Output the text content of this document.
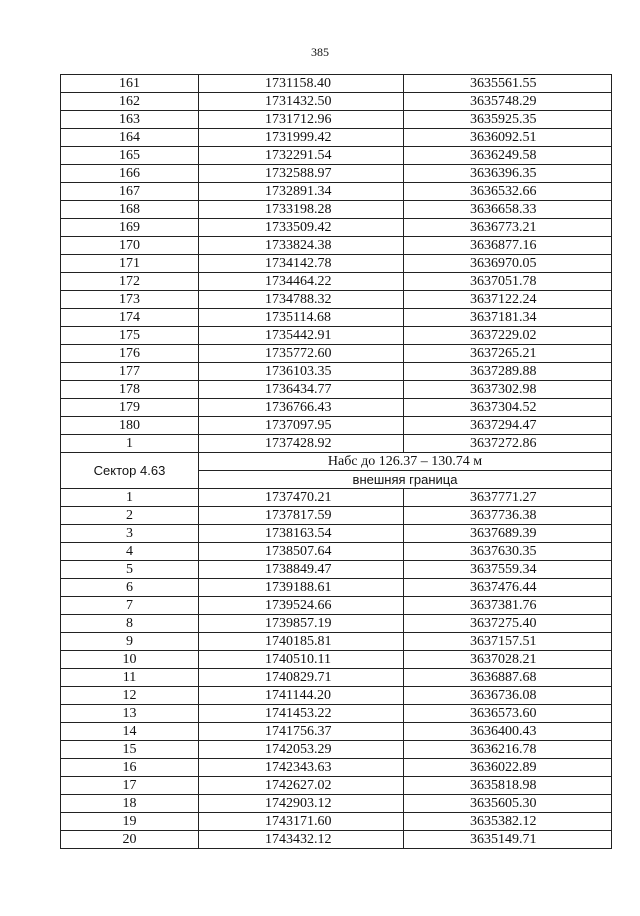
385
161	1731158.40	3635561.55
162	1731432.50	3635748.29
163	1731712.96	3635925.35
164	1731999.42	3636092.51
165	1732291.54	3636249.58
166	1732588.97	3636396.35
167	1732891.34	3636532.66
168	1733198.28	3636658.33
169	1733509.42	3636773.21
170	1733824.38	3636877.16
171	1734142.78	3636970.05
172	1734464.22	3637051.78
173	1734788.32	3637122.24
174	1735114.68	3637181.34
175	1735442.91	3637229.02
176	1735772.60	3637265.21
177	1736103.35	3637289.88
178	1736434.77	3637302.98
179	1736766.43	3637304.52
180	1737097.95	3637294.47
1	1737428.92	3637272.86
Сектор 4.63	Набс до 126.37 – 130.74 м	
	внешняя граница	
1	1737470.21	3637771.27
2	1737817.59	3637736.38
3	1738163.54	3637689.39
4	1738507.64	3637630.35
5	1738849.47	3637559.34
6	1739188.61	3637476.44
7	1739524.66	3637381.76
8	1739857.19	3637275.40
9	1740185.81	3637157.51
10	1740510.11	3637028.21
11	1740829.71	3636887.68
12	1741144.20	3636736.08
13	1741453.22	3636573.60
14	1741756.37	3636400.43
15	1742053.29	3636216.78
16	1742343.63	3636022.89
17	1742627.02	3635818.98
18	1742903.12	3635605.30
19	1743171.60	3635382.12
20	1743432.12	3635149.71
